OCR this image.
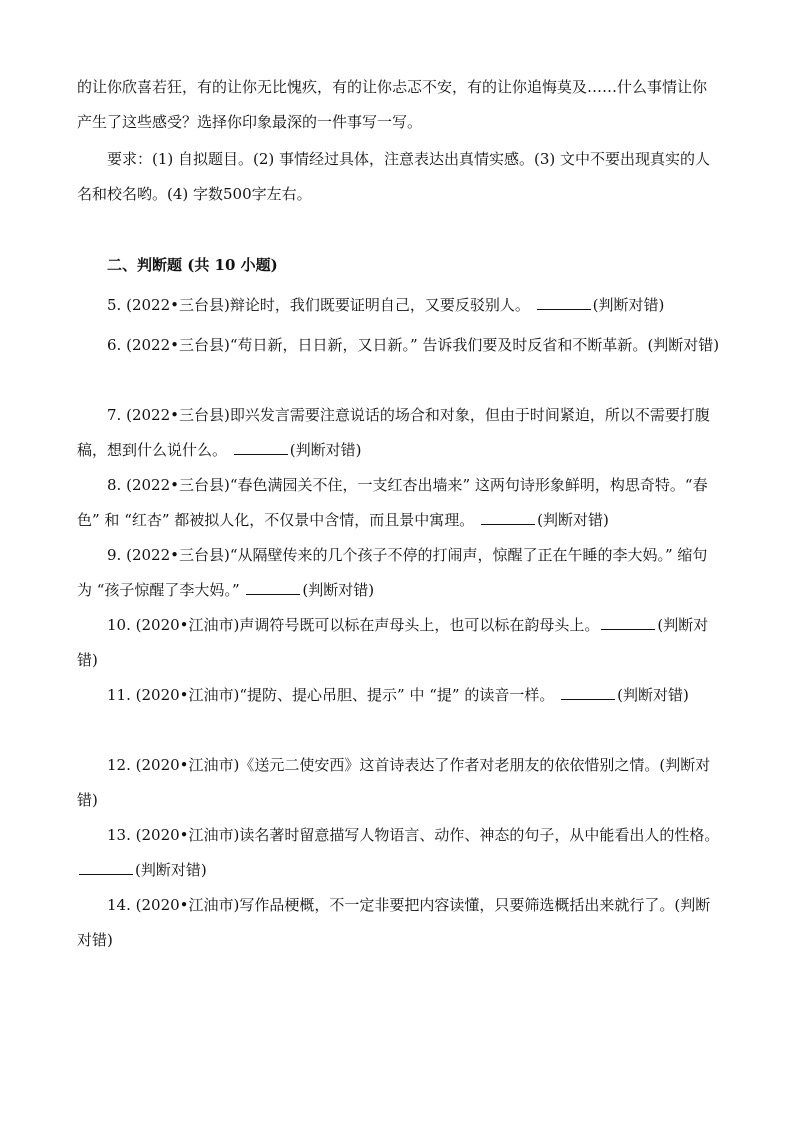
的让你欣喜若狂，有的让你无比愧疚，有的让你忐忑不安，有的让你追悔莫及……什么事情让你产生了这些感受？选择你印象最深的一件事写一写。

要求：(1) 自拟题目。(2) 事情经过具体，注意表达出真情实感。(3) 文中不要出现真实的人名和校名哟。(4) 字数500字左右。

二、判断题 (共 10 小题)

5. (2022•三台县)辩论时，我们既要证明自己，又要反驳别人。	(判断对错)

6. (2022•三台县)“苟日新，日日新，又日新。” 告诉我们要及时反省和不断革新。(判断对错)

7. (2022•三台县)即兴发言需要注意说话的场合和对象，但由于时间紧迫，所以不需要打腹稿，想到什么说什么。	(判断对错)

8. (2022•三台县)“春色满园关不住，一支红杏出墙来” 这两句诗形象鲜明，构思奇特。“春色” 和 “红杏” 都被拟人化，不仅景中含情，而且景中寓理。	(判断对错)

9. (2022•三台县)“从隔壁传来的几个孩子不停的打闹声，惊醒了正在午睡的李大妈。” 缩句为 “孩子惊醒了李大妈。”	(判断对错)

10. (2020•江油市)声调符号既可以标在声母头上，也可以标在韵母头上。	(判断对错)

11. (2020•江油市)“提防、提心吊胆、提示” 中 “提” 的读音一样。	(判断对错)

12. (2020•江油市)《送元二使安西》这首诗表达了作者对老朋友的依依惜别之情。(判断对错)

13. (2020•江油市)读名著时留意描写人物语言、动作、神态的句子，从中能看出人的性格。 (判断对错)

14. (2020•江油市)写作品梗概，不一定非要把内容读懂，只要筛选概括出来就行了。(判断对错)
